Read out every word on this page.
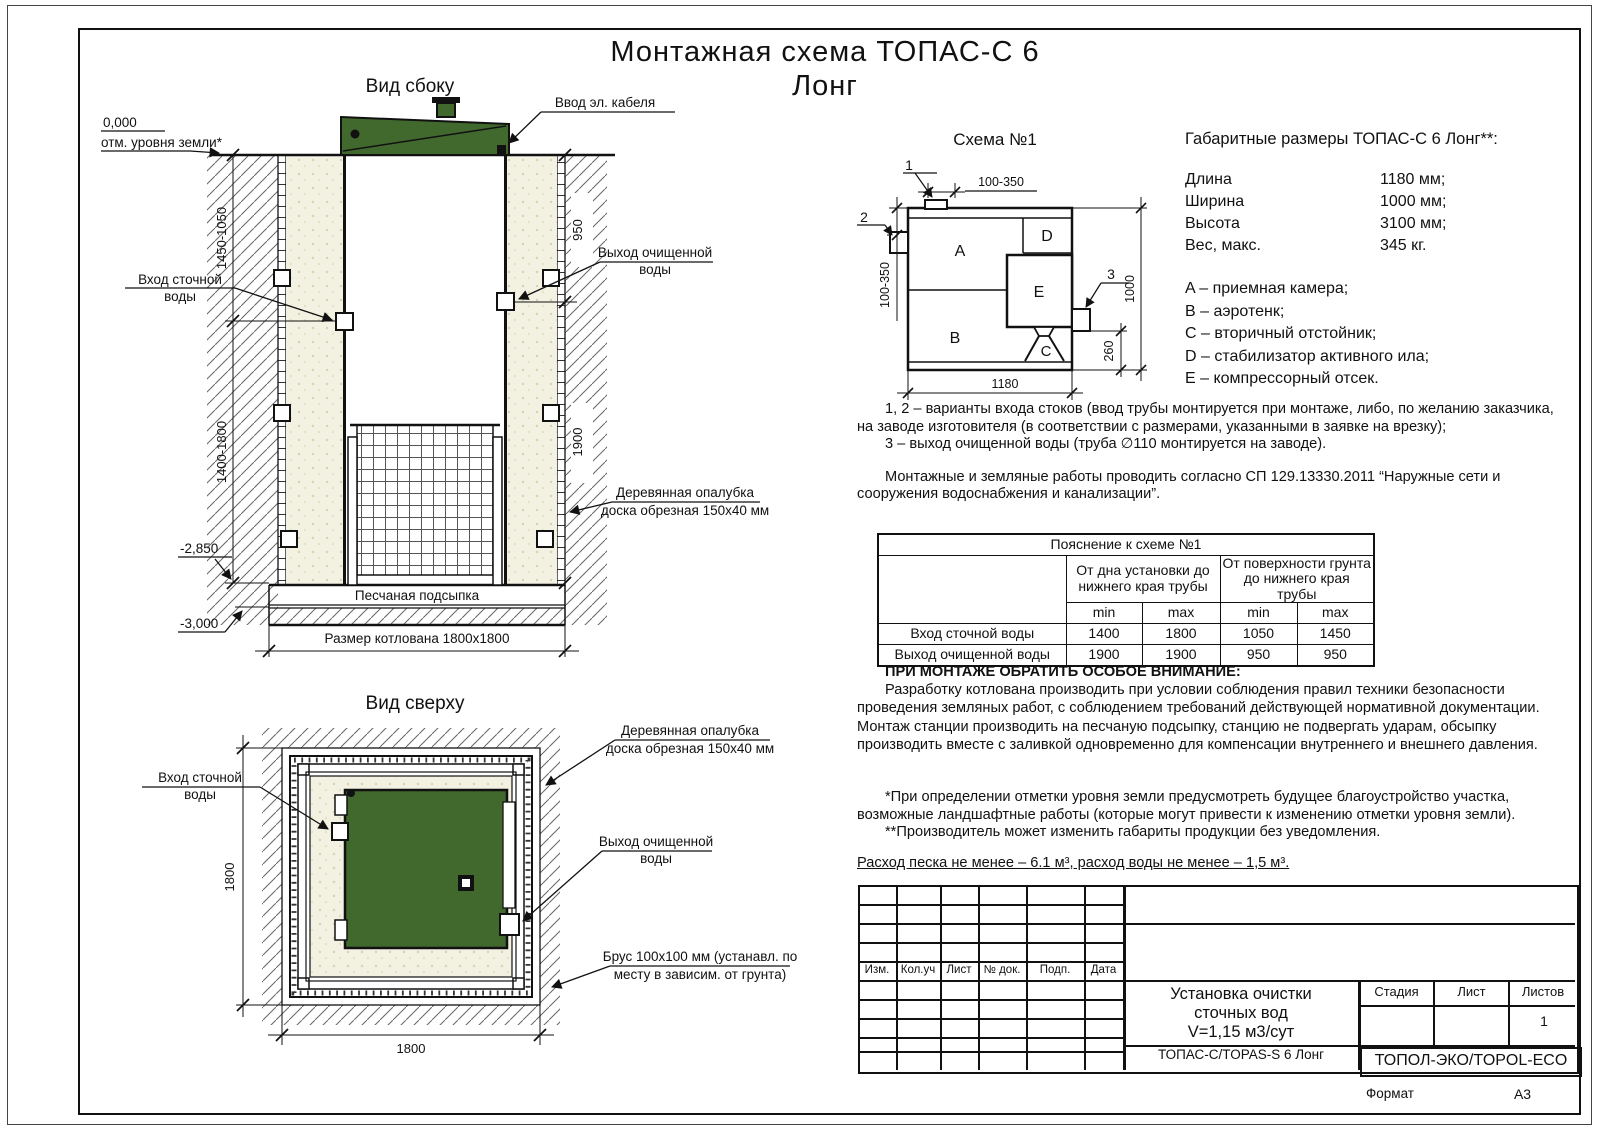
Монтажная схема ТОПАС-С 6
Лонг
Вид сбоку
Вид сверху
Песчаная подсыпка
1450-1050
1400-1800
950
1900
0,000
отм. уровня земли*
Ввод эл. кабеля
Вход сточной
воды
Выход очищенной
воды
Деревянная опалубка
доска обрезная 150х40 мм
-2,850
-3,000
Размер котлована 1800х1800
1800
1800
Вход сточной
воды
Деревянная опалубка
доска обрезная 150х40 мм
Выход очищенной
воды
Брус 100х100 мм (устанавл. по
месту в зависим. от грунта)
Схема №1
A
B
C
D
E
1
2
3
100-350
100-350	1000
260
1180
Габаритные размеры ТОПАС-С 6 Лонг**:
Длина	1180 мм;
Ширина	1000 мм;
Высота	3100 мм;
Вес, макс.	345 кг.
A – приемная камера;
B – аэротенк;
C – вторичный отстойник;
D – стабилизатор активного ила;
E – компрессорный отсек.

1, 2 – варианты входа стоков (ввод трубы монтируется при монтаже, либо, по желанию заказчика, на заводе изготовителя (в соответствии с размерами, указанными в заявке на врезку);

3 – выход очищенной воды (труба ∅110 монтируется на заводе).

Монтажные и земляные работы проводить согласно СП 129.13330.2011 “Наружные сети и сооружения водоснабжения и канализации”.

Пояснение к схеме №1				

От дна установки до
нижнего края трубы

От поверхности грунта
до нижнего края трубы

	min	max	min	max
Вход сточной воды	1400	1800	1050	1450
Выход очищенной воды	1900	1900	950	950

ПРИ МОНТАЖЕ ОБРАТИТЬ ОСОБОЕ ВНИМАНИЕ:

Разработку котлована производить при условии соблюдения правил техники безопасности проведения земляных работ, с соблюдением требований действующей нормативной документации. Монтаж станции производить на песчаную подсыпку, станцию не подвергать ударам, обсыпку производить вместе с заливкой одновременно для компенсации внутреннего и внешнего давления.

*При определении отметки уровня земли предусмотреть будущее благоустройство участка, возможные ландшафтные работы (которые могут привести к изменению отметки уровня земли).

**Производитель может изменить габариты продукции без уведомления.

Расход песка не менее – 6.1 м³, расход воды не менее – 1,5 м³.

Изм. Кол.уч Лист	№ док.	Подп.	Дата
Установка очистки
сточных вод
V=1,15 м3/сут
Стадия	Лист	Листов
1
ТОПАС-С/TOPAS-S 6 Лонг	ТОПОЛ-ЭКО/TOPOL-ECO
Формат	А3
